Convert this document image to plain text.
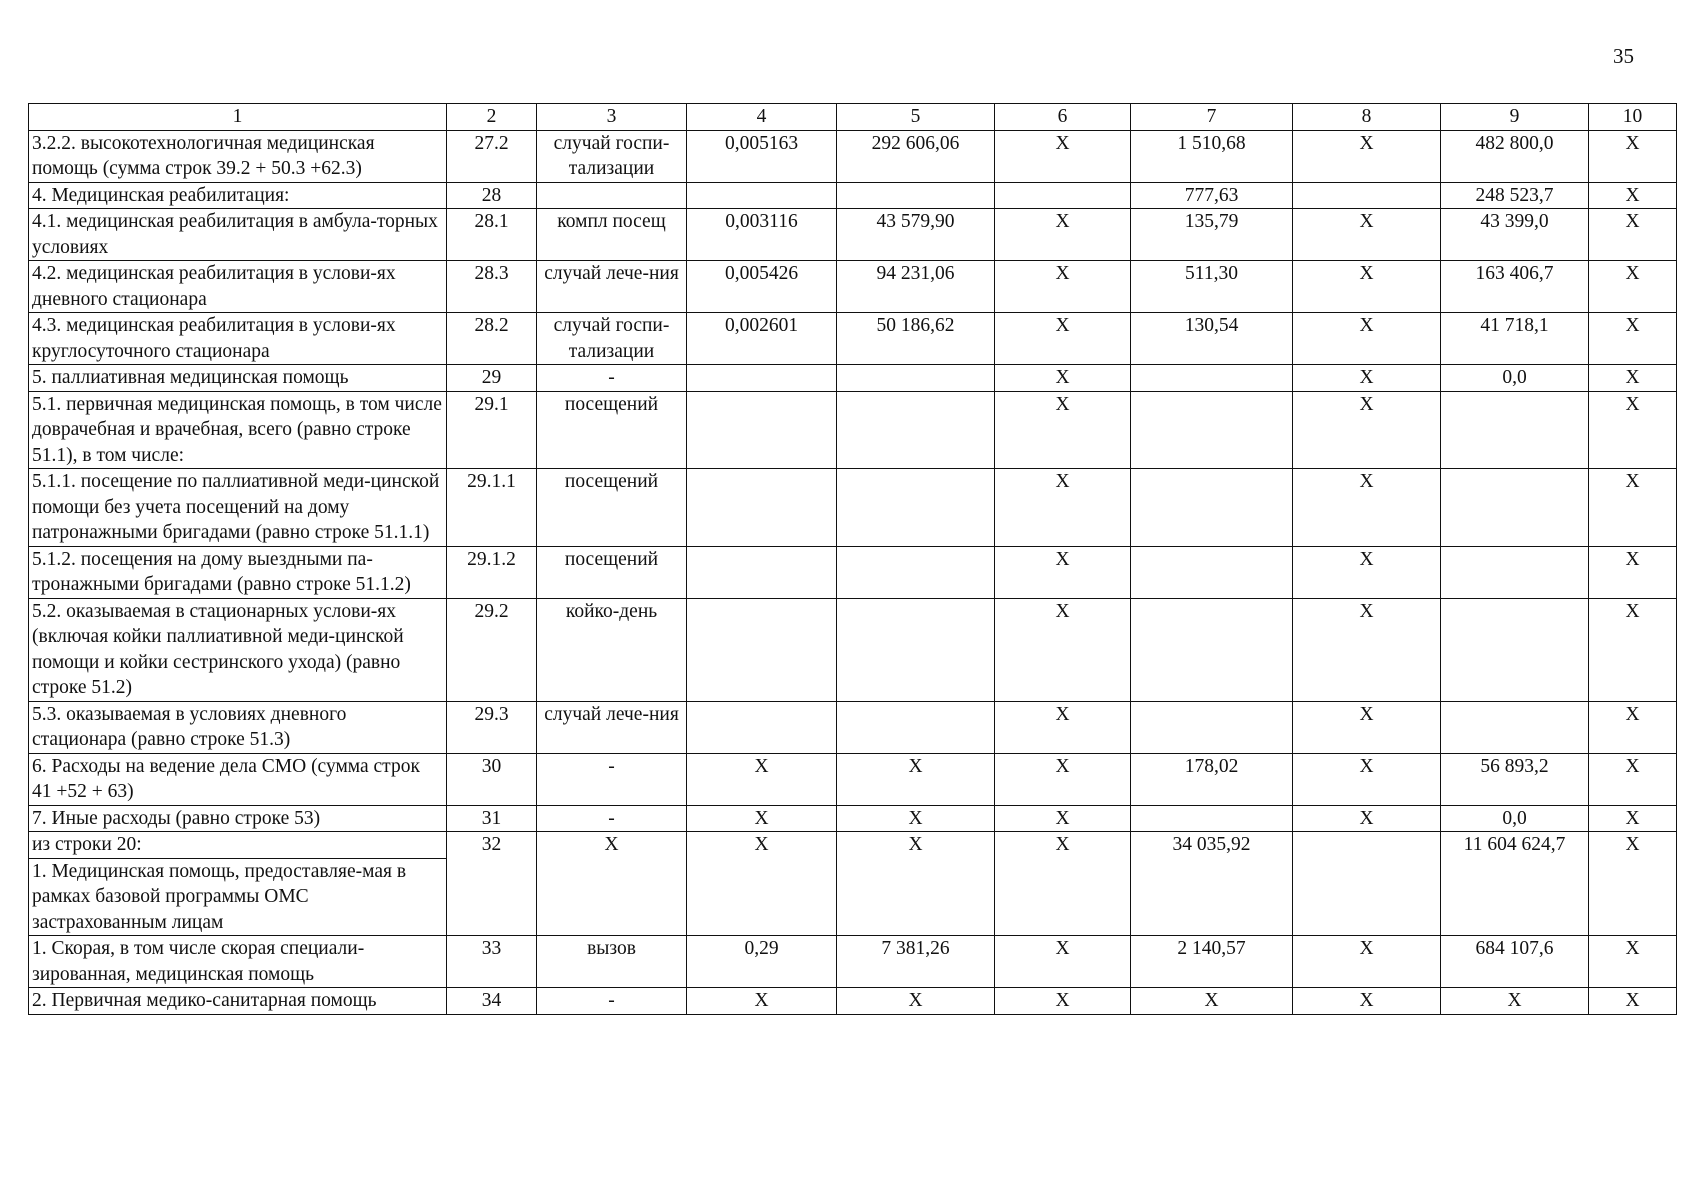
35
1	2	3	4	5	6	7	8	9	10
3.2.2. высокотехнологичная медицинская помощь (сумма строк 39.2 + 50.3 +62.3)	27.2	случай госпи-тализации	0,005163	292 606,06	X	1 510,68	X	482 800,0	X
4. Медицинская реабилитация:	28					777,63		248 523,7	X
4.1. медицинская реабилитация в амбула-торных условиях	28.1	компл посещ	0,003116	43 579,90	X	135,79	X	43 399,0	X
4.2. медицинская реабилитация в услови-ях дневного стационара	28.3	случай лече-ния	0,005426	94 231,06	X	511,30	X	163 406,7	X
4.3. медицинская реабилитация в услови-ях круглосуточного стационара	28.2	случай госпи-тализации	0,002601	50 186,62	X	130,54	X	41 718,1	X
5. паллиативная медицинская помощь	29	-			X		X	0,0	X
5.1. первичная медицинская помощь, в том числе доврачебная и врачебная, всего (равно строке 51.1), в том числе:	29.1	посещений			X		X		X
5.1.1. посещение по паллиативной меди-цинской помощи без учета посещений на дому патронажными бригадами (равно строке 51.1.1)	29.1.1	посещений			X		X		X
5.1.2. посещения на дому выездными па-тронажными бригадами (равно строке 51.1.2)	29.1.2	посещений			X		X		X
5.2. оказываемая в стационарных услови-ях (включая койки паллиативной меди-цинской помощи и койки сестринского ухода) (равно строке 51.2)	29.2	койко-день			X		X		X
5.3. оказываемая в условиях дневного стационара (равно строке 51.3)	29.3	случай лече-ния			X		X		X
6. Расходы на ведение дела СМО (сумма строк 41 +52 + 63)	30	-	X	X	X	178,02	X	56 893,2	X
7. Иные расходы (равно строке 53)	31	-	X	X	X		X	0,0	X
из строки 20:	32	X	X	X	X	34 035,92		11 604 624,7	X
1. Медицинская помощь, предоставляе-мая в рамках базовой программы ОМС застрахованным лицам									
1. Скорая, в том числе скорая специали-зированная, медицинская помощь	33	вызов	0,29	7 381,26	X	2 140,57	X	684 107,6	X
2. Первичная медико-санитарная помощь	34	-	X	X	X	X	X	X	X
